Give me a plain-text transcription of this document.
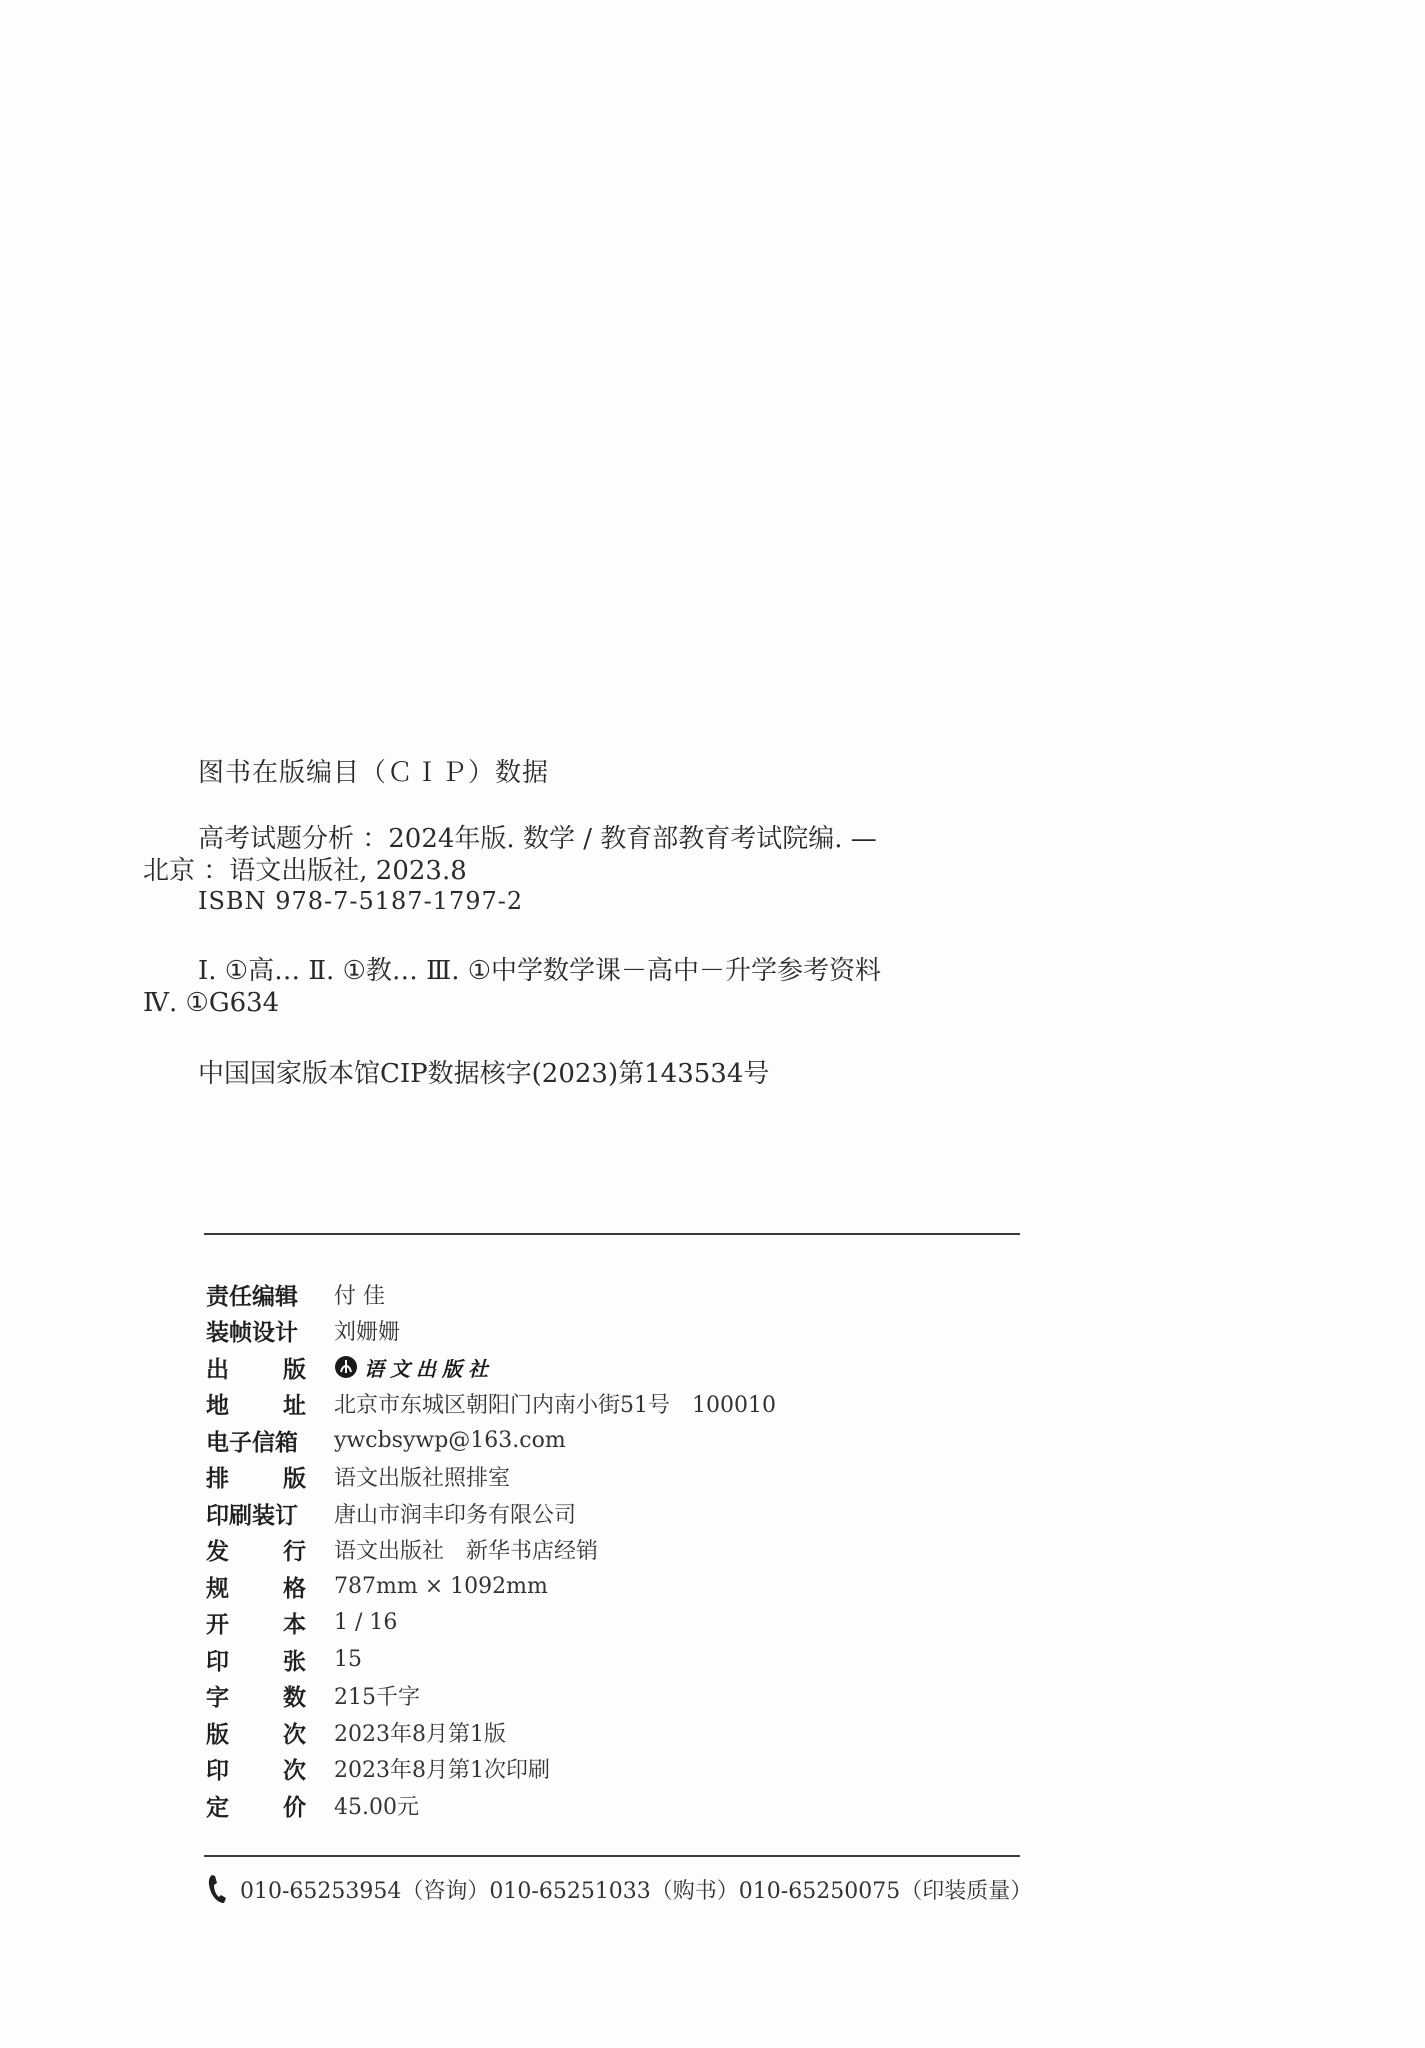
图书在版编目（ＣＩＰ）数据

高考试题分析 ：2024年版. 数学 / 教育部教育考试院编. — 北京 ：语文出版社, 2023.8

ISBN 978-7-5187-1797-2

Ⅰ. ①高… Ⅱ. ①教… Ⅲ. ①中学数学课－高中－升学参考资料 Ⅳ. ①G634

中国国家版本馆CIP数据核字(2023)第143534号
责任编辑	付 佳
装帧设计	刘姗姗
出 版	语文出版社
地 址 北京市东城区朝阳门内南小街51号　100010
电子信箱	ywcbsywp@163.com
排 版 语文出版社照排室
印刷装订	唐山市润丰印务有限公司
发 行 语文出版社　新华书店经销
规 格 787mm × 1092mm
开 本 1 / 16
印 张 15
字 数 215千字
版 次 2023年8月第1版
印 次 2023年8月第1次印刷
定 价 45.00元
010-65253954（咨询）010-65251033（购书）010-65250075（印装质量）
